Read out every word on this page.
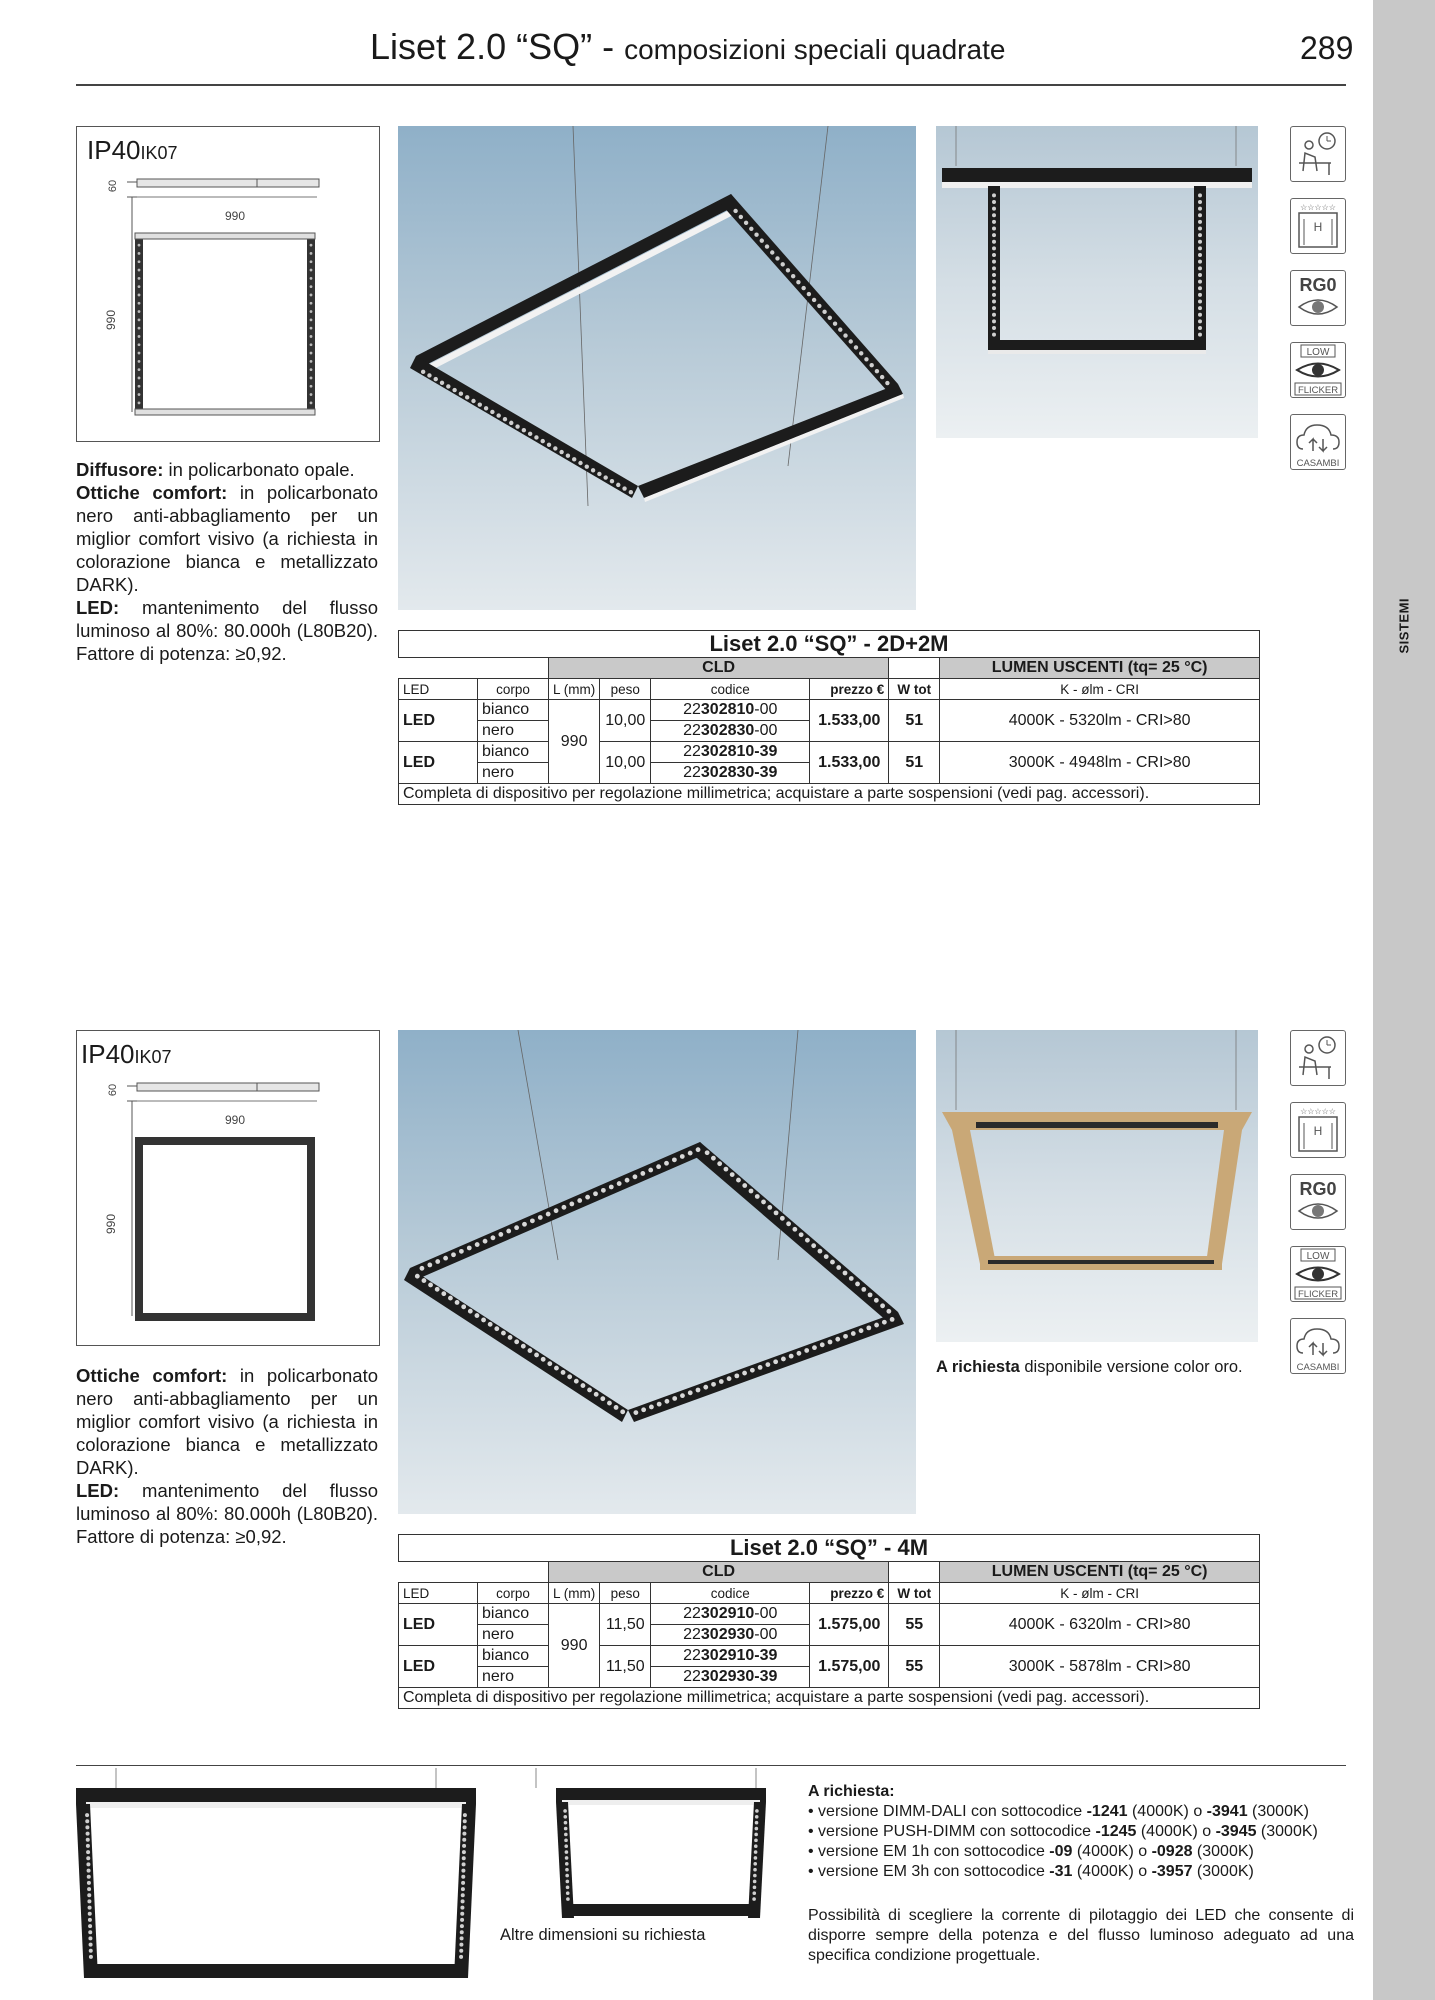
SISTEMI
Liset 2.0 “SQ” - composizioni speciali quadrate	289
IP40IK07
60
990
990
Diffusore: in policarbonato opale.
Ottiche comfort: in policarbonato nero anti-abbagliamento per un miglior comfort visivo (a richiesta in colorazione bianca e metallizzato DARK).
LED: mantenimento del flusso luminoso al 80%: 80.000h (L80B20). Fattore di potenza: ≥0,92.
☆☆☆☆☆
H
RG0
LOW
FLICKER
CASAMBI
Liset 2.0 “SQ” - 2D+2M							
		CLD					LUMEN USCENTI (tq= 25 °C)
LED	corpo	L (mm)	peso	codice	prezzo €	W tot	K - ølm - CRI
LED	bianco	990	10,00	22302810-00	1.533,00	51	4000K - 5320lm - CRI>80
	nero			22302830-00			
LED	bianco		10,00	22302810-39	1.533,00	51	3000K - 4948lm - CRI>80
	nero			22302830-39			
Completa di dispositivo per regolazione millimetrica; acquistare a parte sospensioni (vedi pag. accessori).							
IP40IK07
60
990
990
Ottiche comfort: in policarbonato nero anti-abbagliamento per un miglior comfort visivo (a richiesta in colorazione bianca e metallizzato DARK).
LED: mantenimento del flusso luminoso al 80%: 80.000h (L80B20). Fattore di potenza: ≥0,92.
A richiesta disponibile versione color oro.
☆☆☆☆☆
H
RG0
LOW
FLICKER
CASAMBI
Liset 2.0 “SQ” - 4M							
		CLD					LUMEN USCENTI (tq= 25 °C)
LED	corpo	L (mm)	peso	codice	prezzo €	W tot	K - ølm - CRI
LED	bianco	990	11,50	22302910-00	1.575,00	55	4000K - 6320lm - CRI>80
	nero			22302930-00			
LED	bianco		11,50	22302910-39	1.575,00	55	3000K - 5878lm - CRI>80
	nero			22302930-39			
Completa di dispositivo per regolazione millimetrica; acquistare a parte sospensioni (vedi pag. accessori).							
Altre dimensioni su richiesta
A richiesta:
• versione DIMM-DALI con sottocodice -1241 (4000K) o -3941 (3000K)
• versione PUSH-DIMM con sottocodice -1245 (4000K) o -3945 (3000K)
• versione EM 1h con sottocodice -09 (4000K) o -0928 (3000K)
• versione EM 3h con sottocodice -31 (4000K) o -3957 (3000K)
Possibilità di scegliere la corrente di pilotaggio dei LED che consente di disporre sempre della potenza e del flusso luminoso adeguato ad una specifica condizione progettuale.
